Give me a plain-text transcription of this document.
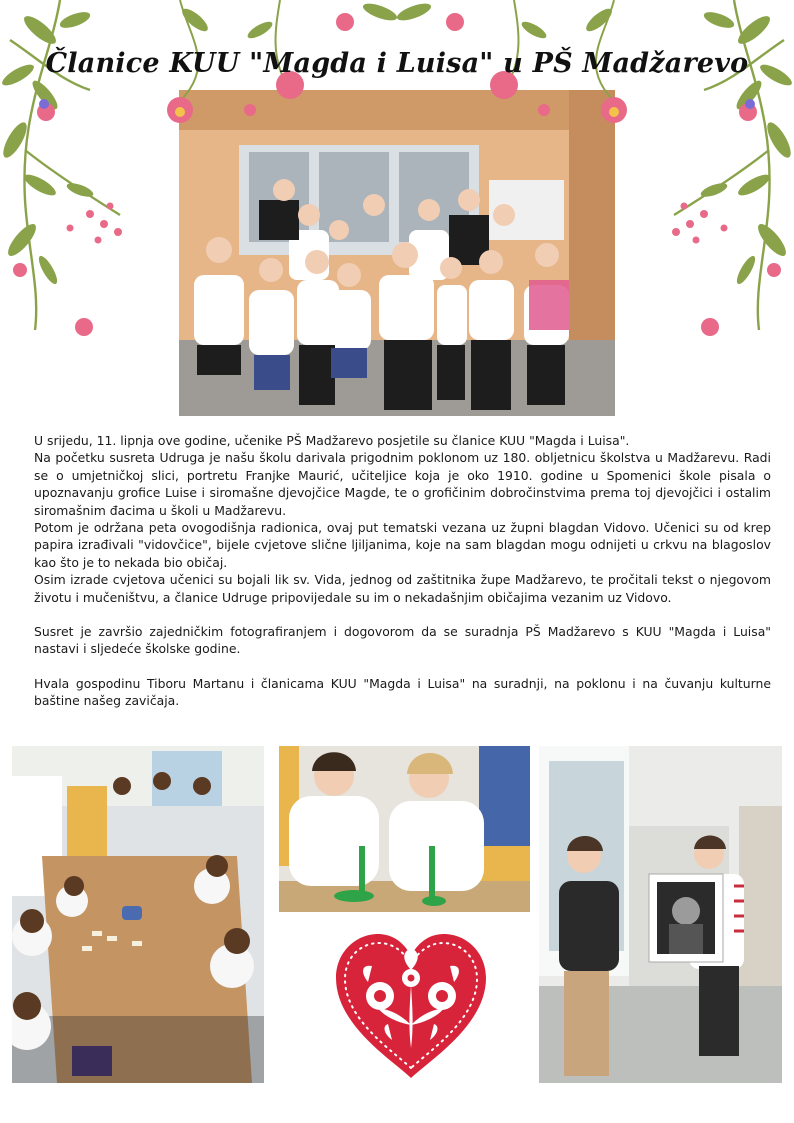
Članice KUU "Magda i Luisa" u PŠ Madžarevo

U srijedu, 11. lipnja ove godine, učenike PŠ Madžarevo posjetile su članice KUU "Magda i Luisa".

Na početku susreta Udruga je našu školu darivala prigodnim poklonom uz 180. obljetnicu školstva u Madžarevu. Radi se o umjetničkoj slici, portretu Franjke Maurić, učiteljice koja je oko 1910. godine u Spomenici škole pisala o upoznavanju grofice Luise i siromašne djevojčice Magde, te o grofičinim dobročinstvima prema toj djevojčici i ostalim siromašnim đacima u školi u Madžarevu.

Potom je održana peta ovogodišnja radionica, ovaj put tematski vezana uz župni blagdan Vidovo. Učenici su od krep papira izrađivali "vidovčice", bijele cvjetove slične ljiljanima, koje na sam blagdan mogu odnijeti u crkvu na blagoslov kao što je to nekada bio običaj.

Osim izrade cvjetova učenici su bojali lik sv. Vida, jednog od zaštitnika župe Madžarevo, te pročitali tekst o njegovom životu i mučeništvu, a članice Udruge pripovijedale su im o nekadašnjim običajima vezanim uz Vidovo.

Susret je završio zajedničkim fotografiranjem i dogovorom da se suradnja PŠ Madžarevo s KUU "Magda i Luisa" nastavi i sljedeće školske godine.

Hvala gospodinu Tiboru Martanu i članicama KUU "Magda i Luisa" na suradnji, na poklonu i na čuvanju kulturne baštine našeg zavičaja.
